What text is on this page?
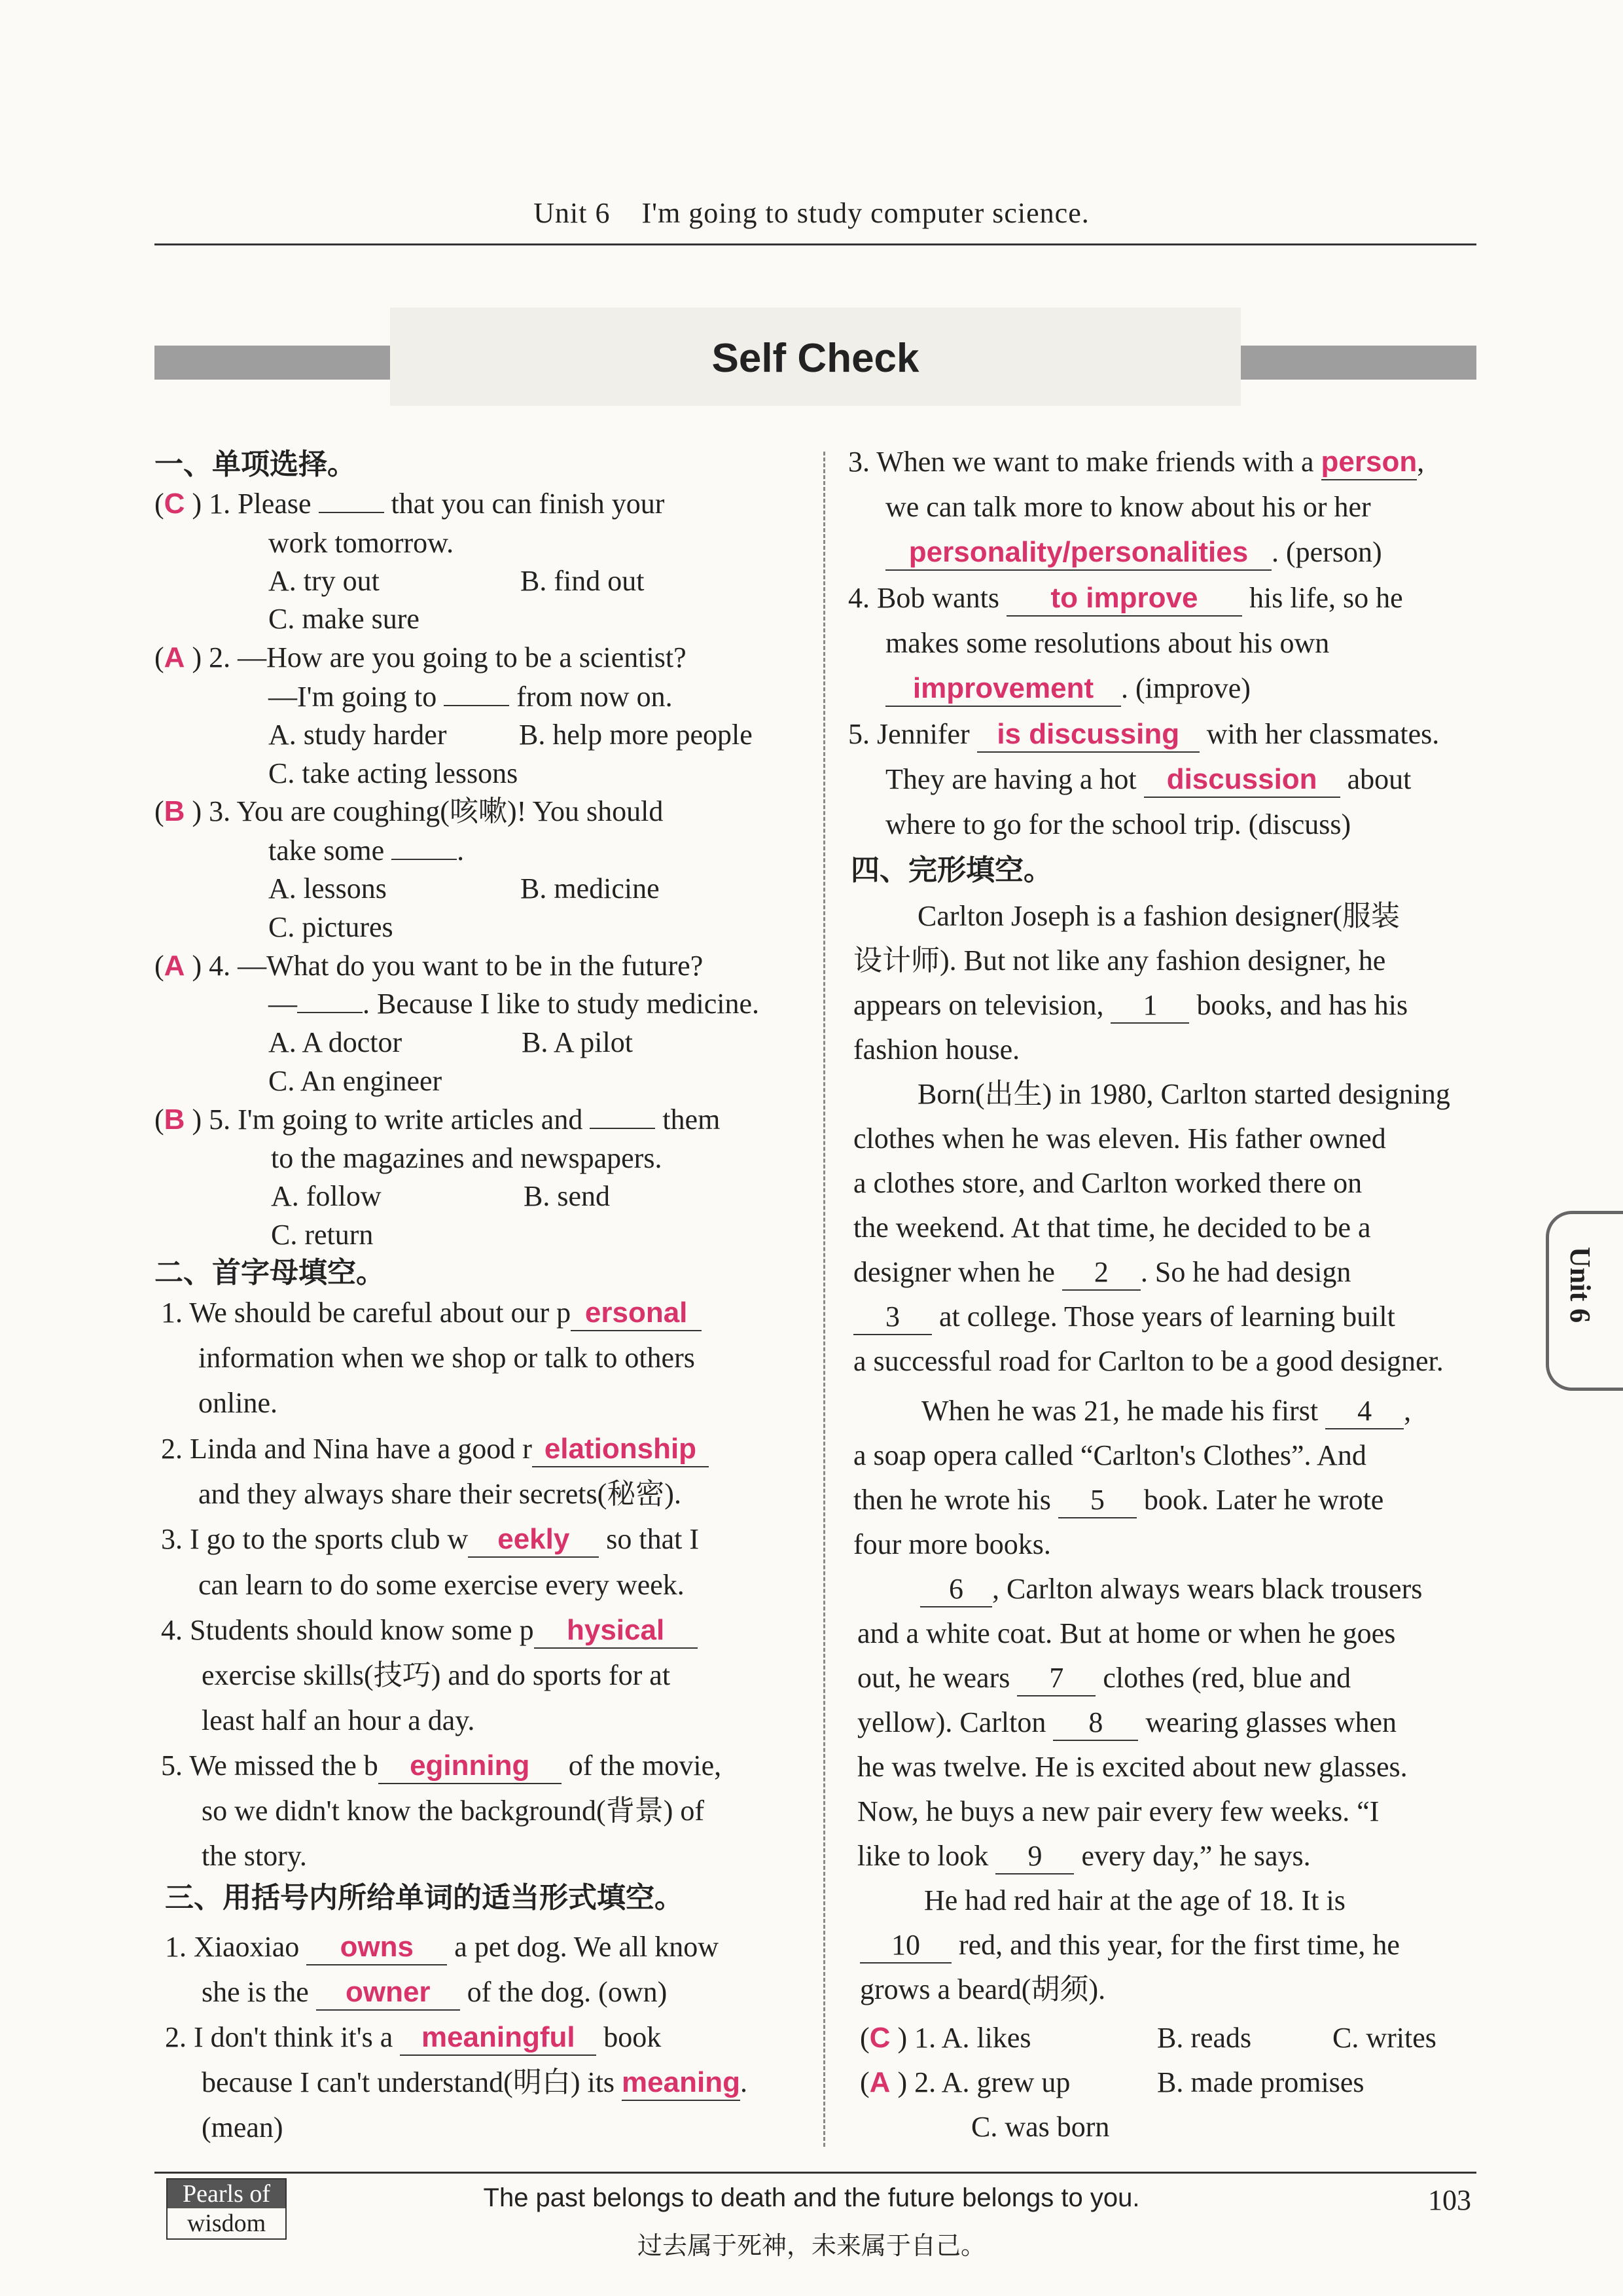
Unit 6 I'm going to study computer science.
Self Check
一、单项选择。
(C ) 1. Please	that you can finish your
work tomorrow.
A. try out	B. find out
C. make sure
(A ) 2. —How are you going to be a scientist?
—I'm going to	from now on.
A. study harder	B. help more people
C. take acting lessons
(B ) 3. You are coughing(咳嗽)! You should
take some	.
A. lessons	B. medicine
C. pictures
(A ) 4. —What do you want to be in the future?
— . Because I like to study medicine.
A. A doctor	B. A pilot
C. An engineer
(B ) 5. I'm going to write articles and	them
to the magazines and newspapers.
A. follow	B. send
C. return
二、首字母填空。
1. We should be careful about our p ersonal
information when we shop or talk to others
online.
2. Linda and Nina have a good r elationship
and they always share their secrets(秘密).
3. I go to the sports club w eekly so that I
can learn to do some exercise every week.
4. Students should know some p hysical
exercise skills(技巧) and do sports for at
least half an hour a day.
5. We missed the b eginning of the movie,
so we didn't know the background(背景) of
the story.
三、用括号内所给单词的适当形式填空。
1. Xiaoxiao owns a pet dog. We all know
she is the owner of the dog. (own)
2. I don't think it's a meaningful book
because I can't understand(明白) its meaning.
(mean)
3. When we want to make friends with a person,
we can talk more to know about his or her
personality/personalities . (person)
4. Bob wants to improve his life, so he
makes some resolutions about his own
improvement . (improve)
5. Jennifer is discussing with her classmates.
They are having a hot discussion about
where to go for the school trip. (discuss)
四、完形填空。
Carlton Joseph is a fashion designer(服装
设计师). But not like any fashion designer, he
appears on television, 1 books, and has his
fashion house.
Born(出生) in 1980, Carlton started designing
clothes when he was eleven. His father owned
a clothes store, and Carlton worked there on
the weekend. At that time, he decided to be a
designer when he 2 . So he had design
3 at college. Those years of learning built
a successful road for Carlton to be a good designer.
When he was 21, he made his first 4 ,
a soap opera called “Carlton's Clothes”. And
then he wrote his 5 book. Later he wrote
four more books.
6 , Carlton always wears black trousers
and a white coat. But at home or when he goes
out, he wears 7 clothes (red, blue and
yellow). Carlton 8 wearing glasses when
he was twelve. He is excited about new glasses.
Now, he buys a new pair every few weeks. “I
like to look 9 every day,” he says.
He had red hair at the age of 18. It is
10 red, and this year, for the first time, he
grows a beard(胡须).
(C ) 1. A. likes	B. reads	C. writes
(A ) 2. A. grew up	B. made promises
C. was born
Unit 6
Pearls of
wisdom
The past belongs to death and the future belongs to you.
过去属于死神，未来属于自己。
103
